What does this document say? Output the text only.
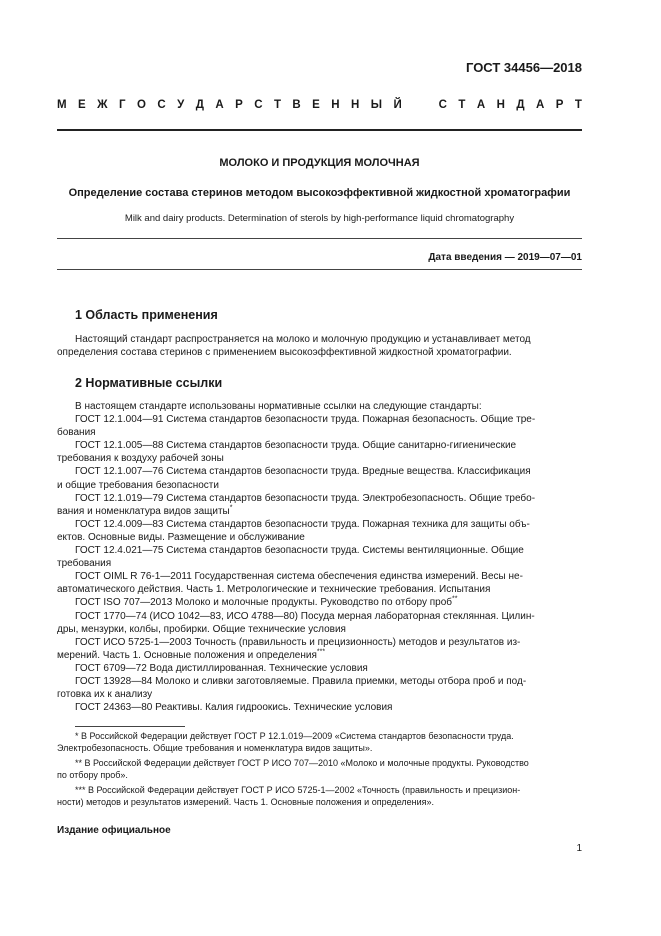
ГОСТ 34456—2018
М Е Ж Г О С У Д А Р С Т В Е Н Н Ы Й	С Т А Н Д А Р Т
МОЛОКО И ПРОДУКЦИЯ МОЛОЧНАЯ
Определение состава стеринов методом высокоэффективной жидкостной хроматографии
Milk and dairy products. Determination of sterols by high-performance liquid chromatography
Дата введения — 2019—07—01
1 Область применения
Настоящий стандарт распространяется на молоко и молочную продукцию и устанавливает метод
определения состава стеринов с применением высокоэффективной жидкостной хроматографии.
2 Нормативные ссылки
В настоящем стандарте использованы нормативные ссылки на следующие стандарты:
ГОСТ 12.1.004—91 Система стандартов безопасности труда. Пожарная безопасность. Общие тре-
бования
ГОСТ 12.1.005—88 Система стандартов безопасности труда. Общие санитарно-гигиенические
требования к воздуху рабочей зоны
ГОСТ 12.1.007—76 Система стандартов безопасности труда. Вредные вещества. Классификация
и общие требования безопасности
ГОСТ 12.1.019—79 Система стандартов безопасности труда. Электробезопасность. Общие требо-
вания и номенклатура видов защиты*
ГОСТ 12.4.009—83 Система стандартов безопасности труда. Пожарная техника для защиты объ-
ектов. Основные виды. Размещение и обслуживание
ГОСТ 12.4.021—75 Система стандартов безопасности труда. Системы вентиляционные. Общие
требования
ГОСТ OIML R 76-1—2011 Государственная система обеспечения единства измерений. Весы не-
автоматического действия. Часть 1. Метрологические и технические требования. Испытания
ГОСТ ISO 707—2013 Молоко и молочные продукты. Руководство по отбору проб**
ГОСТ 1770—74 (ИСО 1042—83, ИСО 4788—80) Посуда мерная лабораторная стеклянная. Цилин-
дры, мензурки, колбы, пробирки. Общие технические условия
ГОСТ ИСО 5725-1—2003 Точность (правильность и прецизионность) методов и результатов из-
мерений. Часть 1. Основные положения и определения***
ГОСТ 6709—72 Вода дистиллированная. Технические условия
ГОСТ 13928—84 Молоко и сливки заготовляемые. Правила приемки, методы отбора проб и под-
готовка их к анализу
ГОСТ 24363—80 Реактивы. Калия гидроокись. Технические условия
* В Российской Федерации действует ГОСТ Р 12.1.019—2009 «Система стандартов безопасности труда.
Электробезопасность. Общие требования и номенклатура видов защиты».
** В Российской Федерации действует ГОСТ Р ИСО 707—2010 «Молоко и молочные продукты. Руководство
по отбору проб».
*** В Российской Федерации действует ГОСТ Р ИСО 5725-1—2002 «Точность (правильность и прецизион-
ности) методов и результатов измерений. Часть 1. Основные положения и определения».
Издание официальное
1
